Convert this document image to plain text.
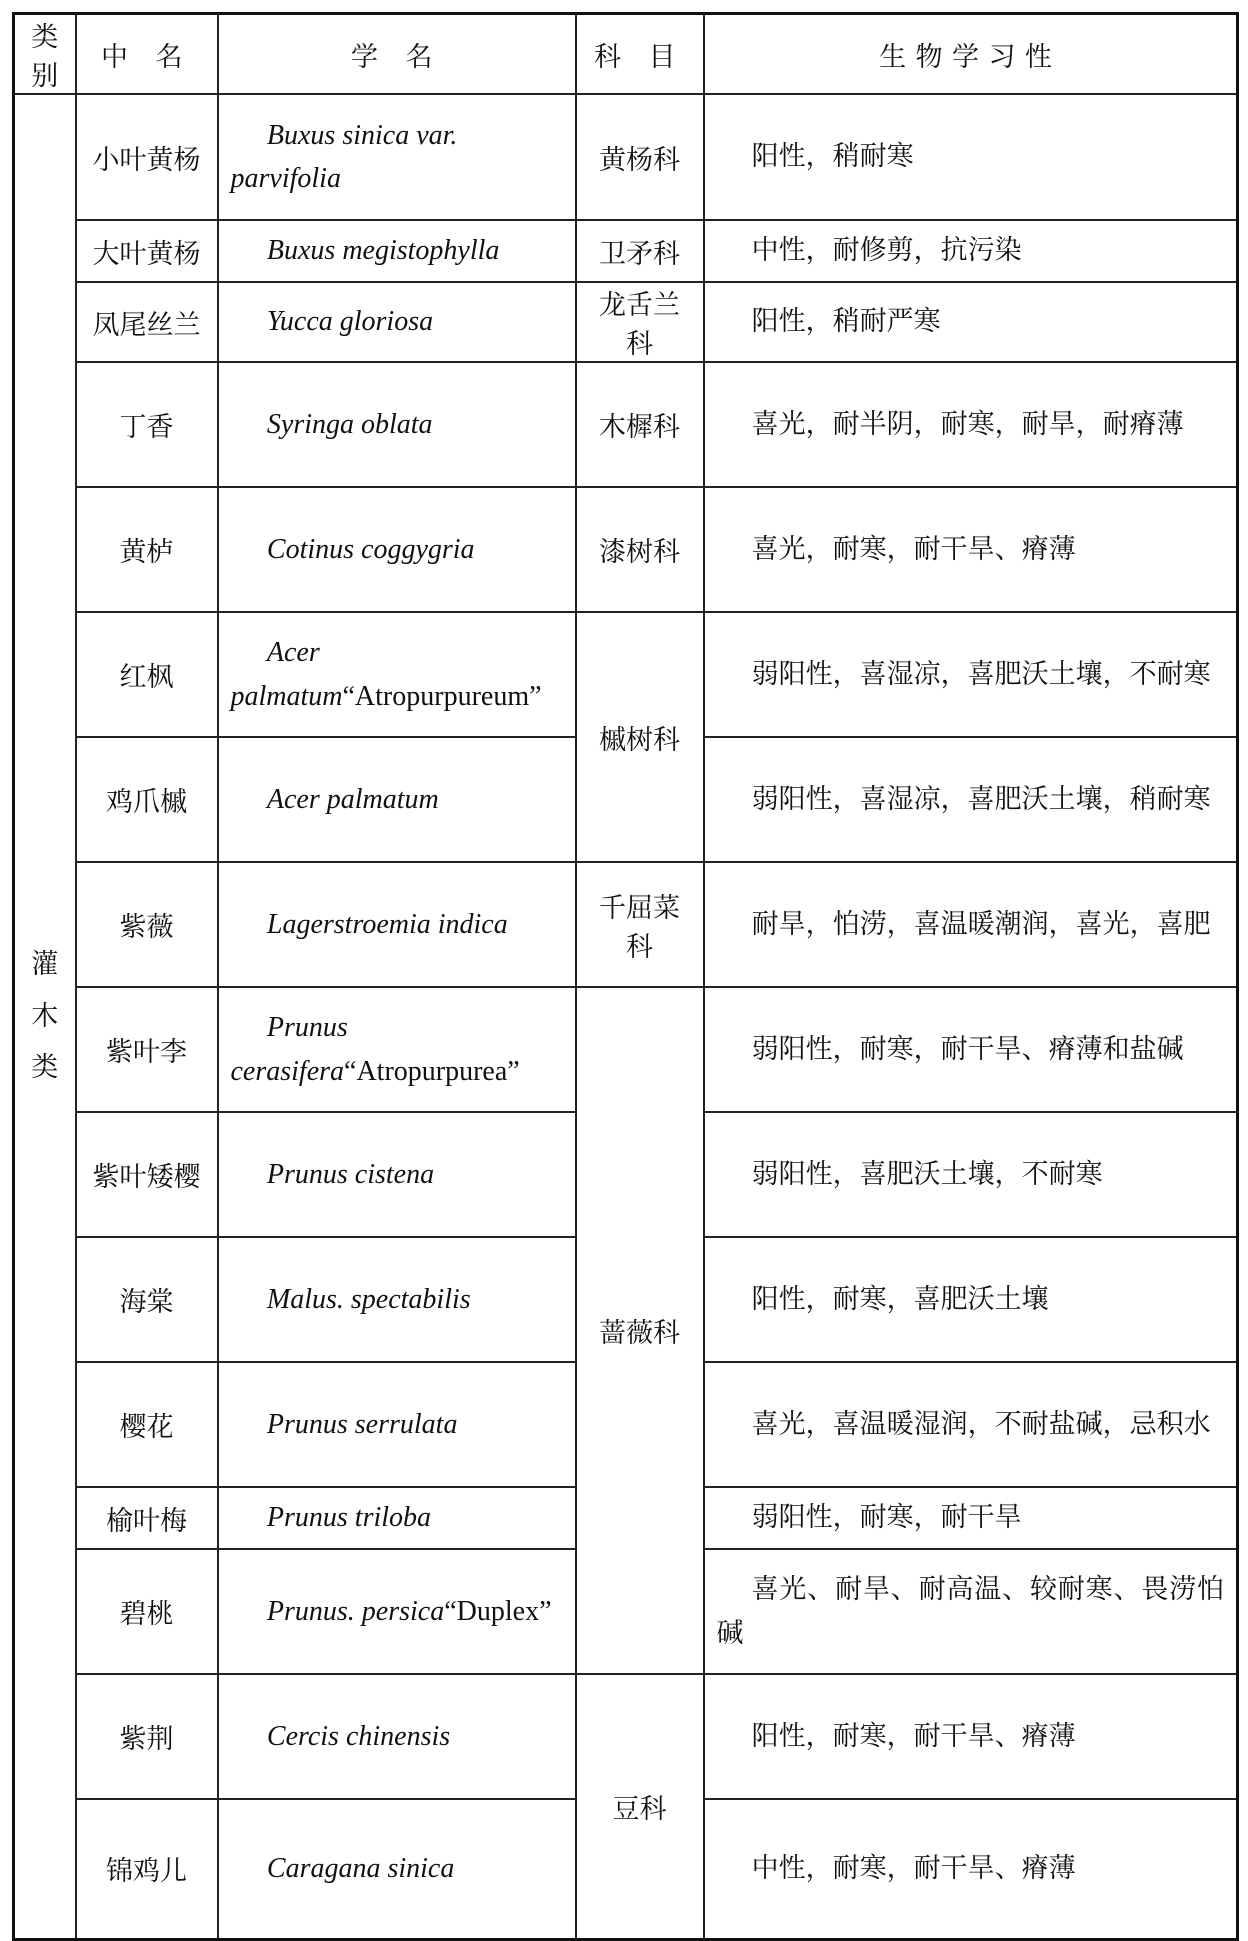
类别	中 名	学 名	科 目	生物学习性
灌木类	小叶黄杨	Buxus sinica var. parvifolia	黄杨科	阳性，稍耐寒
	大叶黄杨	Buxus megistophylla	卫矛科	中性，耐修剪，抗污染
	凤尾丝兰	Yucca gloriosa	龙舌兰科	阳性，稍耐严寒
	丁香	Syringa oblata	木樨科	喜光，耐半阴，耐寒，耐旱，耐瘠薄
	黄栌	Cotinus coggygria	漆树科	喜光，耐寒，耐干旱、瘠薄
	红枫	Acer palmatum“Atropurpureum”	槭树科	弱阳性，喜湿凉，喜肥沃土壤，不耐寒
	鸡爪槭	Acer palmatum		弱阳性，喜湿凉，喜肥沃土壤，稍耐寒
	紫薇	Lagerstroemia indica	千屈菜科	耐旱，怕涝，喜温暖潮润，喜光，喜肥
	紫叶李	Prunus cerasifera“Atropurpurea”	蔷薇科	弱阳性，耐寒，耐干旱、瘠薄和盐碱
	紫叶矮樱	Prunus cistena		弱阳性，喜肥沃土壤，不耐寒
	海棠	Malus. spectabilis		阳性，耐寒，喜肥沃土壤
	樱花	Prunus serrulata		喜光，喜温暖湿润，不耐盐碱，忌积水
	榆叶梅	Prunus triloba		弱阳性，耐寒，耐干旱
	碧桃	Prunus. persica“Duplex”		喜光、耐旱、耐高温、较耐寒、畏涝怕碱
	紫荆	Cercis chinensis	豆科	阳性，耐寒，耐干旱、瘠薄
	锦鸡儿	Caragana sinica		中性，耐寒，耐干旱、瘠薄
